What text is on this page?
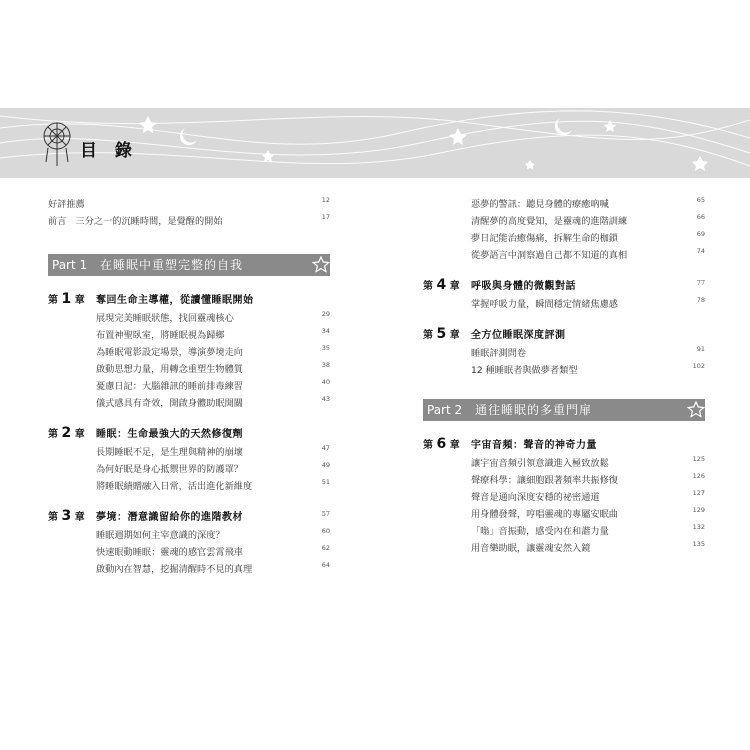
目 錄
好評推薦	12
前言　三分之一的沉睡時間，是覺醒的開始	17
Part 1 在睡眠中重塑完整的自我
第 1 章 奪回生命主導權，從讀懂睡眠開始
展現完美睡眠狀態，找回靈魂核心	29
布置神聖臥室，將睡眠視為歸鄉	34
為睡眠電影設定場景，導演夢境走向	35
啟動思想力量，用轉念重塑生物體質	38
憂慮日記：大腦雜訊的睡前排毒練習	40
儀式感具有奇效，開啟身體助眠開關	43
第 2 章 睡眠：生命最強大的天然修復劑
長期睡眠不足，是生理與精神的崩壞	47
為何好眠是身心抵禦世界的防護罩？	49
將睡眠績贈融入日常，活出進化新維度	51
第 3 章 夢境：潛意識留給你的進階教材	57
睡眠週期如何主宰意識的深度？	60
快速眼動睡眠：靈魂的感官雲霄飛車	62
啟動內在智慧，挖掘清醒時不見的真理	64
惡夢的警訊：聽見身體的療癒吶喊	65
清醒夢的高度覺知，是靈魂的進階訓練	66
夢日記能治癒傷痛，拆解生命的枷鎖	69
從夢語言中洞察過自己都不知道的真相	74
第 4 章 呼吸與身體的微觀對話	77
掌握呼吸力量，瞬間穩定情緒焦慮感	78
第 5 章 全方位睡眠深度評測
睡眠評測問卷	91
12 種睡眠者與做夢者類型	102
Part 2 通往睡眠的多重門扉
第 6 章 宇宙音頻：聲音的神奇力量
讓宇宙音頻引領意識進入極致放鬆	125
聲療科學：讓細胞跟著頻率共振修復	126
聲音是通向深度安穩的祕密通道	127
用身體發聲，哼唱靈魂的專屬安眠曲	129
「嗡」音振動，感受內在和諧力量	132
用音樂助眠，讓靈魂安然入鏡	135
